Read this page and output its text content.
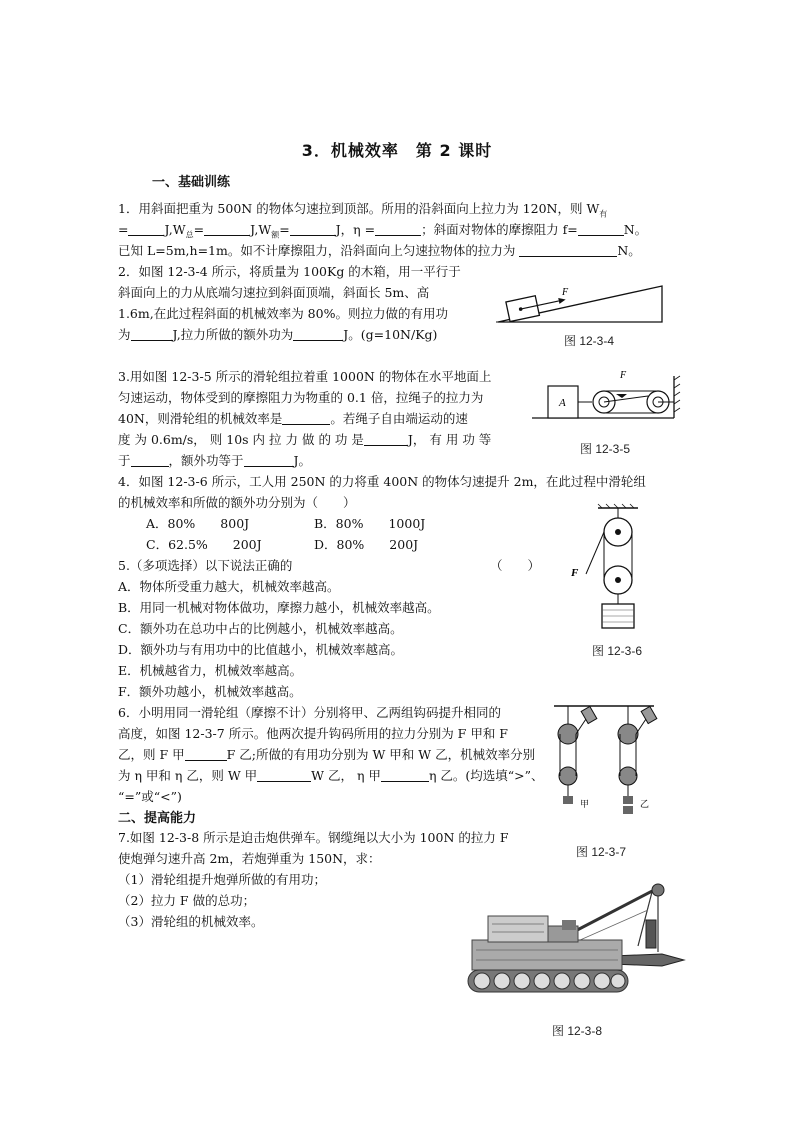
3．机械效率　第 2 课时
一、基础训练
1．用斜面把重为 500N 的物体匀速拉到顶部。所用的沿斜面向上拉力为 120N，则 $W_有$
=	$J,W_总=$	$J,W_额=$	J，η =	；斜面对物体的摩擦阻力 f=	N。
已知 L=5m,h=1m。如不计摩擦阻力，沿斜面向上匀速拉物体的拉力为	N。
2．如图 12-3-4 所示，将质量为 100Kg 的木箱，用一平行于
斜面向上的力从底端匀速拉到斜面顶端，斜面长 5m、高
1.6m,在此过程斜面的机械效率为 80%。则拉力做的有用功
为	J,拉力所做的额外功为	J。(g=10N/Kg)
F
图 12-3-4
3.用如图 12-3-5 所示的滑轮组拉着重 1000N 的物体在水平地面上
匀速运动，物体受到的摩擦阻力为物重的 0.1 倍，拉绳子的拉力为
40N，则滑轮组的机械效率是	。若绳子自由端运动的速
度 为 0.6m/s， 则 10s 内 拉 力 做 的 功 是	J， 有 用 功 等
于	，额外功等于	J。
A
F
图 12-3-5
4．如图 12-3-6 所示，工人用 250N 的力将重 400N 的物体匀速提升 2m，在此过程中滑轮组
的机械效率和所做的额外功分别为（　　）
A．80%　　800J	B．80%　　1000J
C．62.5%　　200J	D．80%　　200J
F
图 12-3-6
5.（多项选择）以下说法正确的	（　　）
A．物体所受重力越大，机械效率越高。
B．用同一机械对物体做功，摩擦力越小，机械效率越高。
C．额外功在总功中占的比例越小，机械效率越高。
D．额外功与有用功中的比值越小，机械效率越高。
E．机械越省力，机械效率越高。
F．额外功越小，机械效率越高。
6．小明用同一滑轮组（摩擦不计）分别将甲、乙两组钩码提升相同的
高度，如图 12-3-7 所示。他两次提升钩码所用的拉力分别为 F 甲和 F
乙，则 F 甲	F 乙;所做的有用功分别为 W 甲和 W 乙，机械效率分别
为 η 甲和 η 乙，则 W 甲	W 乙， η 甲	η 乙。(均选填“>”、
“=”或“<”)
甲	乙
图 12-3-7
二、提高能力
7.如图 12-3-8 所示是迫击炮供弹车。钢缆绳以大小为 100N 的拉力 F
使炮弹匀速升高 2m，若炮弹重为 150N，求：
（1）滑轮组提升炮弹所做的有用功；
（2）拉力 F 做的总功；
（3）滑轮组的机械效率。
图 12-3-8
